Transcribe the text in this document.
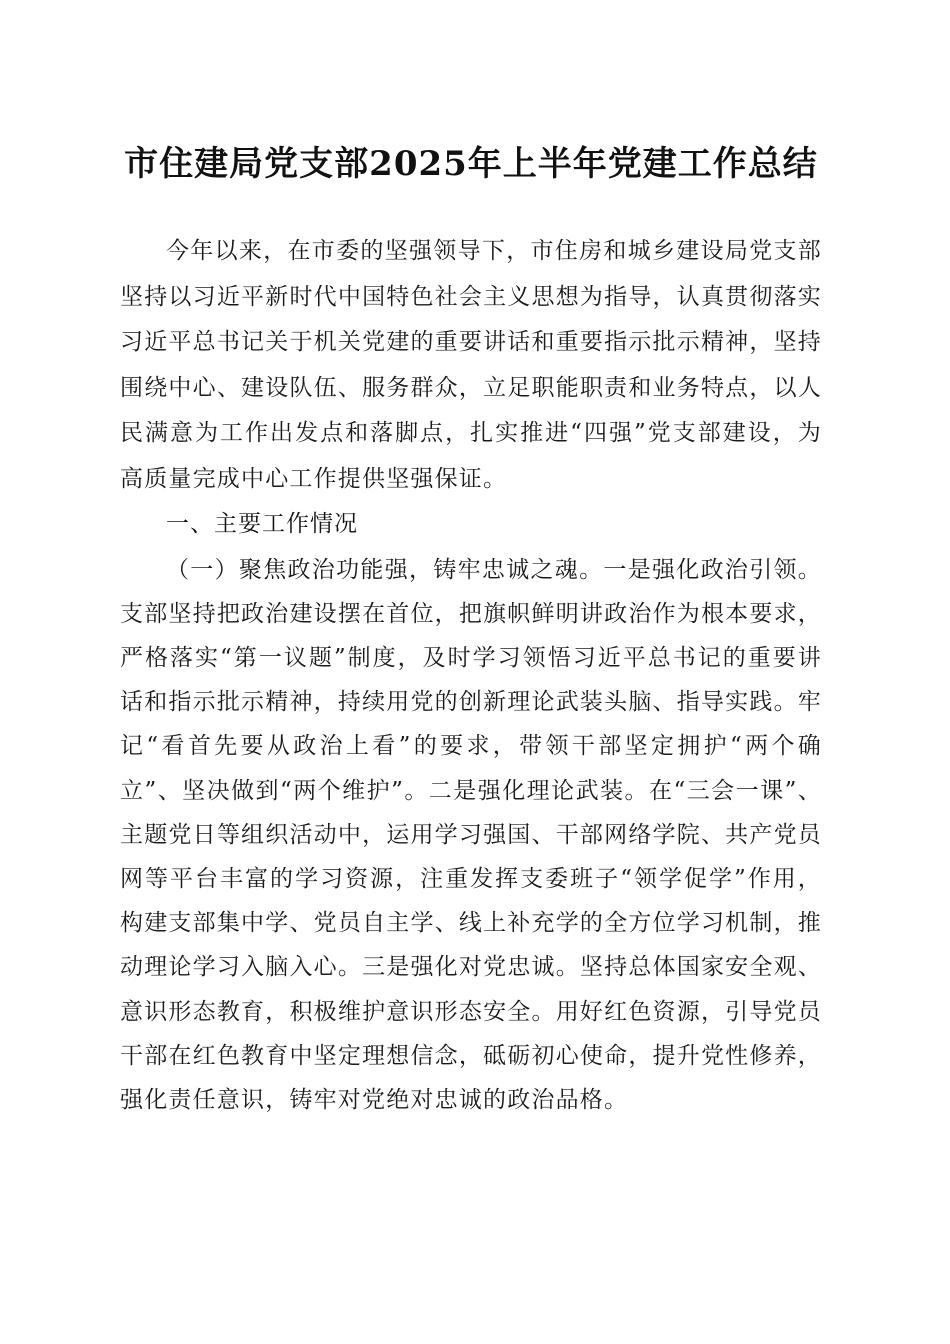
市住建局党支部2025年上半年党建工作总结

今年以来，在市委的坚强领导下，市住房和城乡建设局党支部坚持以习近平新时代中国特色社会主义思想为指导，认真贯彻落实习近平总书记关于机关党建的重要讲话和重要指示批示精神，坚持围绕中心、建设队伍、服务群众，立足职能职责和业务特点，以人民满意为工作出发点和落脚点，扎实推进“四强”党支部建设，为高质量完成中心工作提供坚强保证。

一、主要工作情况

（一）聚焦政治功能强，铸牢忠诚之魂。一是强化政治引领。支部坚持把政治建设摆在首位，把旗帜鲜明讲政治作为根本要求，严格落实“第一议题”制度，及时学习领悟习近平总书记的重要讲话和指示批示精神，持续用党的创新理论武装头脑、指导实践。牢记“看首先要从政治上看”的要求，带领干部坚定拥护“两个确立”、坚决做到“两个维护”。二是强化理论武装。在“三会一课”、主题党日等组织活动中，运用学习强国、干部网络学院、共产党员网等平台丰富的学习资源，注重发挥支委班子“领学促学”作用，构建支部集中学、党员自主学、线上补充学的全方位学习机制，推动理论学习入脑入心。三是强化对党忠诚。坚持总体国家安全观、意识形态教育，积极维护意识形态安全。用好红色资源，引导党员干部在红色教育中坚定理想信念，砥砺初心使命，提升党性修养，强化责任意识，铸牢对党绝对忠诚的政治品格。
